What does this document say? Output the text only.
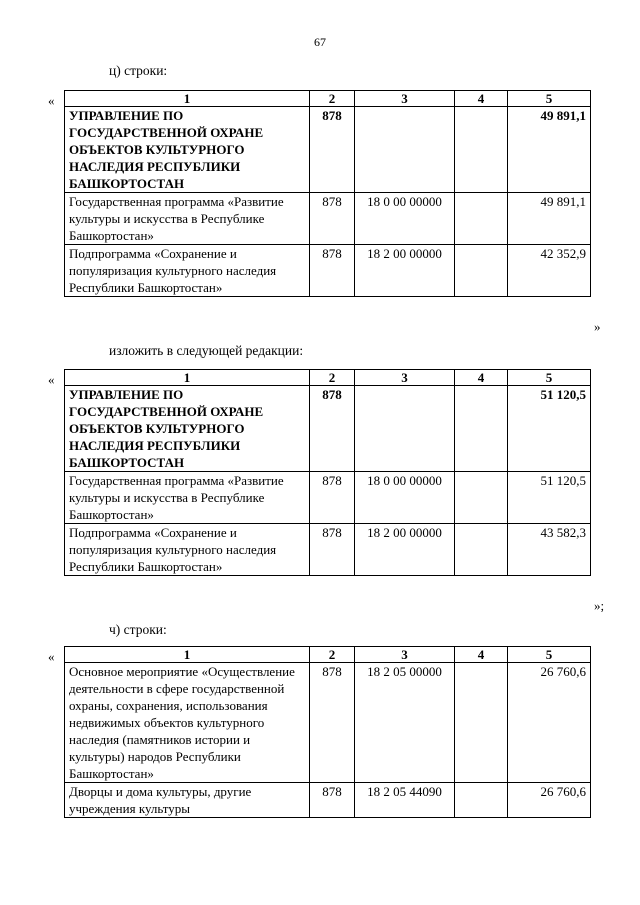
67
ц) строки:
«	1	2	3	4	5
УПРАВЛЕНИЕ ПО ГОСУДАРСТВЕННОЙ ОХРАНЕ ОБЪЕКТОВ КУЛЬТУРНОГО НАСЛЕДИЯ РЕСПУБЛИКИ БАШКОРТОСТАН	878			49 891,1
Государственная программа «Развитие культуры и искусства в Республике Башкортостан»	878	18 0 00 00000		49 891,1
Подпрограмма «Сохранение и популяризация культурного наследия Республики Башкортостан»	878	18 2 00 00000		42 352,9
»
изложить в следующей редакции:
«	1	2	3	4	5
УПРАВЛЕНИЕ ПО ГОСУДАРСТВЕННОЙ ОХРАНЕ ОБЪЕКТОВ КУЛЬТУРНОГО НАСЛЕДИЯ РЕСПУБЛИКИ БАШКОРТОСТАН	878			51 120,5
Государственная программа «Развитие культуры и искусства в Республике Башкортостан»	878	18 0 00 00000		51 120,5
Подпрограмма «Сохранение и популяризация культурного наследия Республики Башкортостан»	878	18 2 00 00000		43 582,3
»;
ч) строки:
«	1	2	3	4	5
Основное мероприятие «Осуществление деятельности в сфере государственной охраны, сохранения, использования недвижимых объектов культурного наследия (памятников истории и культуры) народов Республики Башкортостан»	878	18 2 05 00000		26 760,6
Дворцы и дома культуры, другие учреждения культуры	878	18 2 05 44090		26 760,6
